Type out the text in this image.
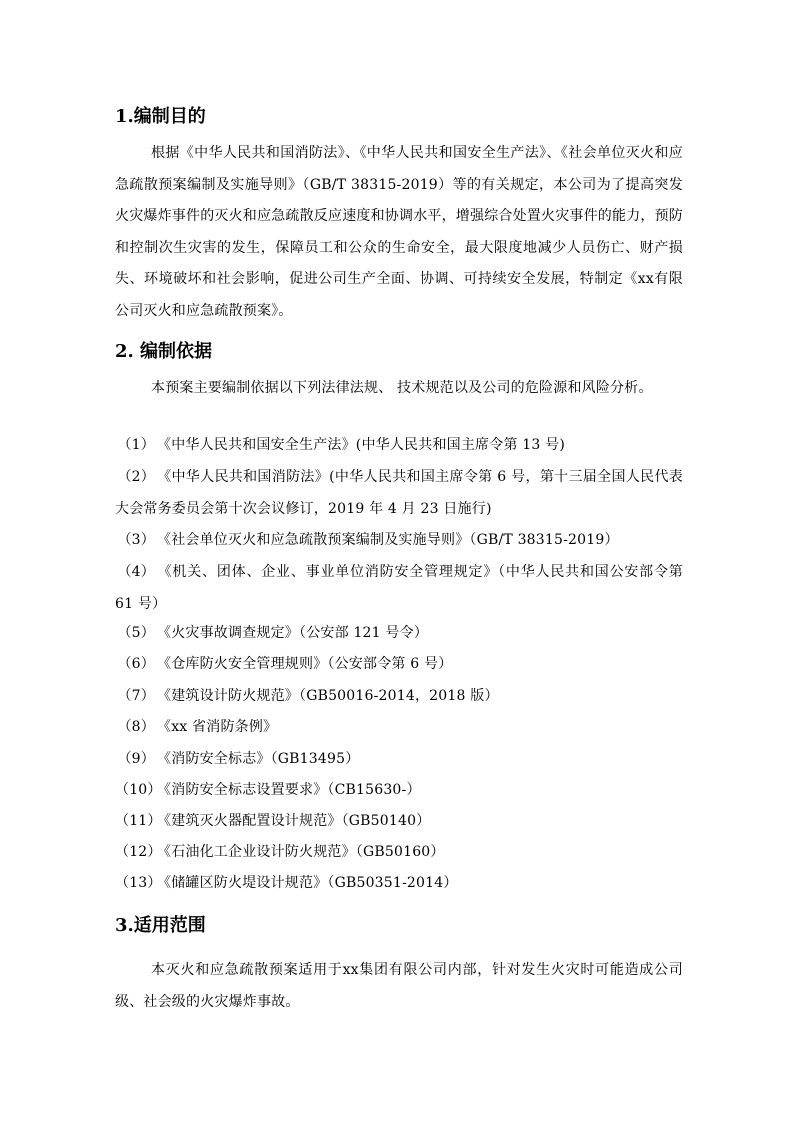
1.编制目的

根据《中华人民共和国消防法》、《中华人民共和国安全生产法》、《社会单位灭火和应急疏散预案编制及实施导则》（GB/T 38315-2019）等的有关规定，本公司为了提高突发火灾爆炸事件的灭火和应急疏散反应速度和协调水平，增强综合处置火灾事件的能力，预防和控制次生灾害的发生，保障员工和公众的生命安全，最大限度地减少人员伤亡、财产损失、环境破坏和社会影响，促进公司生产全面、协调、可持续安全发展，特制定《xx有限公司灭火和应急疏散预案》。

2. 编制依据

本预案主要编制依据以下列法律法规、 技术规范以及公司的危险源和风险分析。

（1） 《中华人民共和国安全生产法》(中华人民共和国主席令第 13 号)

（2） 《中华人民共和国消防法》(中华人民共和国主席令第 6 号，第十三届全国人民代表大会常务委员会第十次会议修订，2019 年 4 月 23 日施行)

（3） 《社会单位灭火和应急疏散预案编制及实施导则》（GB/T 38315-2019）

（4） 《机关、团体、企业、事业单位消防安全管理规定》（中华人民共和国公安部令第 61 号）

（5） 《火灾事故调查规定》（公安部 121 号令）

（6） 《仓库防火安全管理规则》（公安部令第 6 号）

（7） 《建筑设计防火规范》（GB50016-2014，2018 版）

（8） 《xx 省消防条例》

（9） 《消防安全标志》（GB13495）

（10）《消防安全标志设置要求》（CB15630-）

（11）《建筑灭火器配置设计规范》（GB50140）

（12）《石油化工企业设计防火规范》（GB50160）

（13）《储罐区防火堤设计规范》（GB50351-2014）

3.适用范围

本灭火和应急疏散预案适用于xx集团有限公司内部，针对发生火灾时可能造成公司级、社会级的火灾爆炸事故。
